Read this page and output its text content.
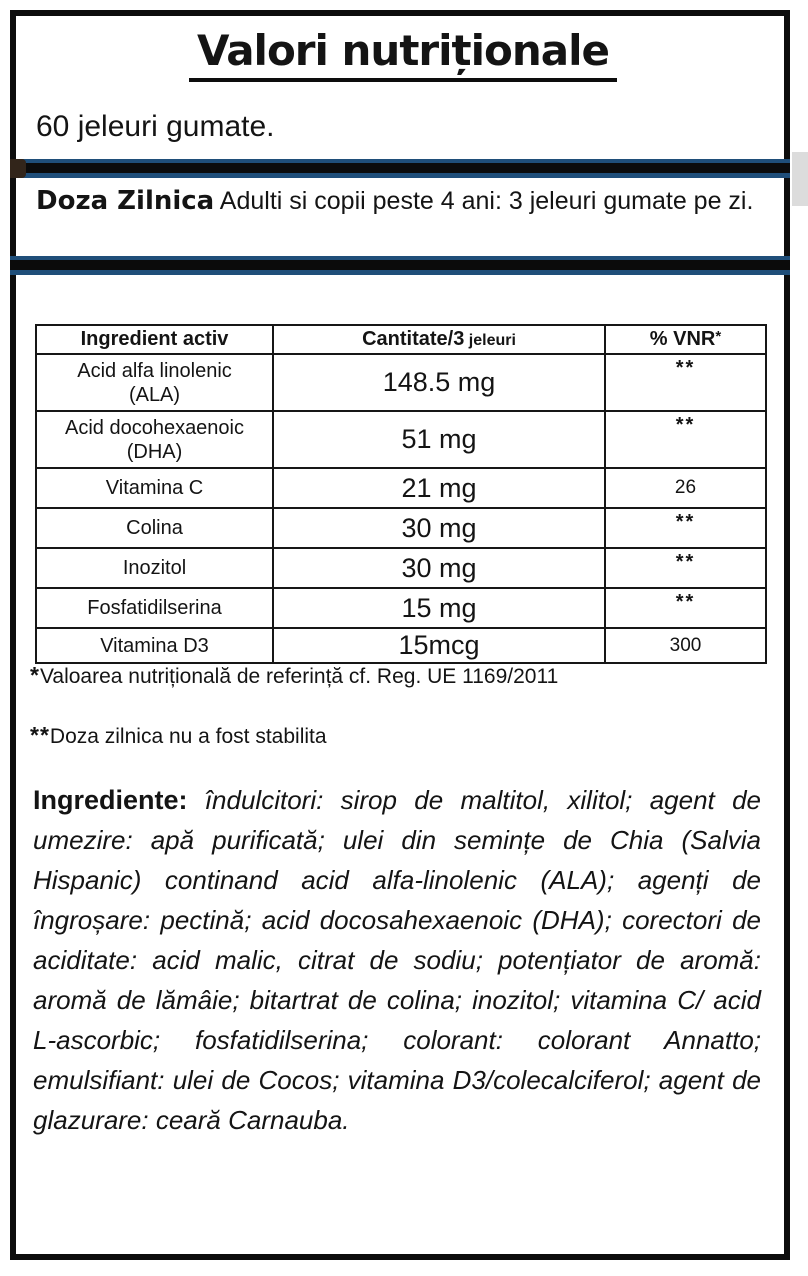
Valori nutriționale
60 jeleuri gumate.
Doza Zilnica Adulti si copii peste 4 ani: 3 jeleuri gumate pe zi.
Ingredient activ	Cantitate/3 jeleuri	% VNR*

Acid alfa linolenic
(ALA)	148.5 mg	**

Acid docohexaenoic
(DHA)	51 mg	**

Vitamina C	21 mg	26

Colina	30 mg	**

Inozitol	30 mg	**

Fosfatidilserina	15 mg	**

Vitamina D3	15mcg	300
*Valoarea nutrițională de referință cf. Reg. UE 1169/2011
**Doza zilnica nu a fost stabilita
Ingrediente: îndulcitori: sirop de maltitol, xilitol; agent de umezire: apă purificată; ulei din semințe de Chia (Salvia Hispanic) continand acid alfa-linolenic (ALA); agenți de îngroșare: pectină; acid docosahexaenoic (DHA); corectori de aciditate: acid malic, citrat de sodiu; potențiator de aromă: aromă de lămâie; bitartrat de colina; inozitol; vitamina C/ acid L-ascorbic; fosfatidilserina; colorant: colorant Annatto; emulsifiant: ulei de Cocos; vitamina D3/colecalciferol; agent de glazurare: ceară Carnauba.
